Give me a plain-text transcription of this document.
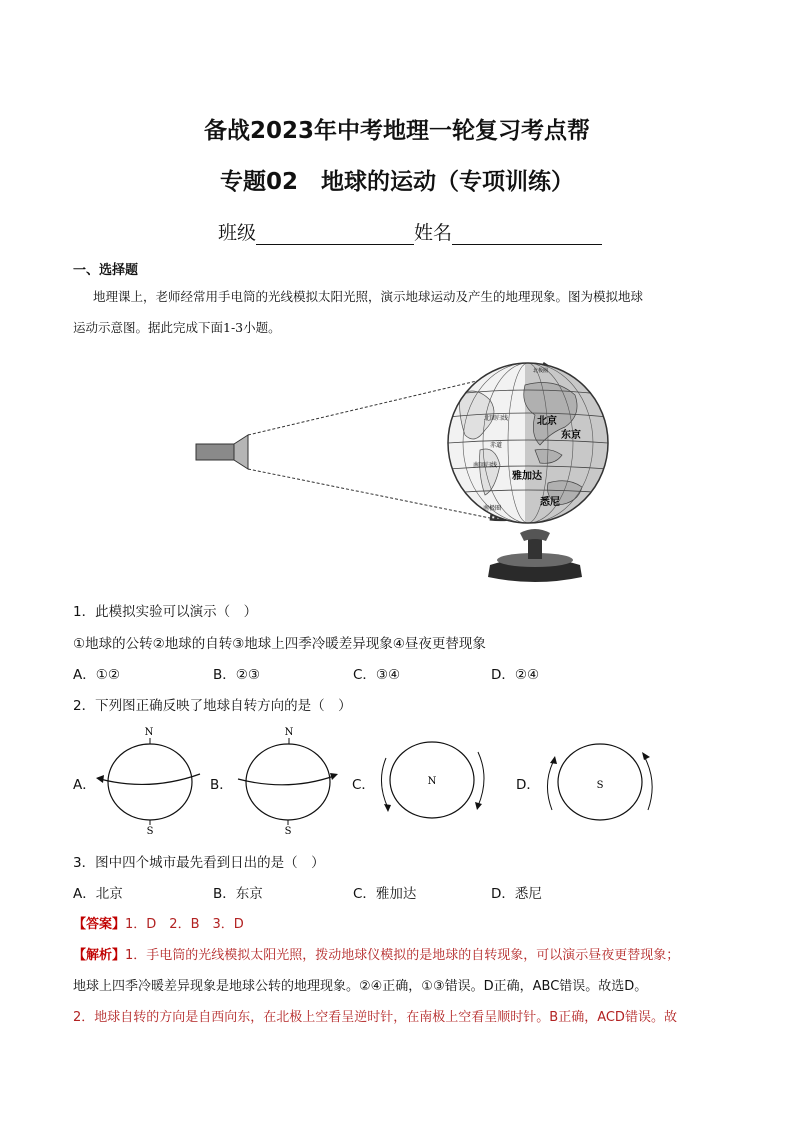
备战2023年中考地理一轮复习考点帮
专题02　地球的运动（专项训练）
班级	姓名
一、选择题
地理课上，老师经常用手电筒的光线模拟太阳光照，演示地球运动及产生的地理现象。图为模拟地球
运动示意图。据此完成下面1-3小题。
北极圈
北回归线
赤道
南回归线
南极圈
北京
东京
雅加达
悉尼
1．此模拟实验可以演示（　）
①地球的公转②地球的自转③地球上四季冷暖差异现象④昼夜更替现象
A．①②	B．②③	C．③④	D．②④
2．下列图正确反映了地球自转方向的是（　）
A．	B．	C．	D．
N
S
N
S
N	S
3．图中四个城市最先看到日出的是（　）
A．北京	B．东京	C．雅加达	D．悉尼
【答案】1．D　2．B　3．D
【解析】1．手电筒的光线模拟太阳光照，拨动地球仪模拟的是地球的自转现象，可以演示昼夜更替现象；
地球上四季冷暖差异现象是地球公转的地理现象。②④正确，①③错误。D正确，ABC错误。故选D。
2．地球自转的方向是自西向东，在北极上空看呈逆时针，在南极上空看呈顺时针。B正确，ACD错误。故
